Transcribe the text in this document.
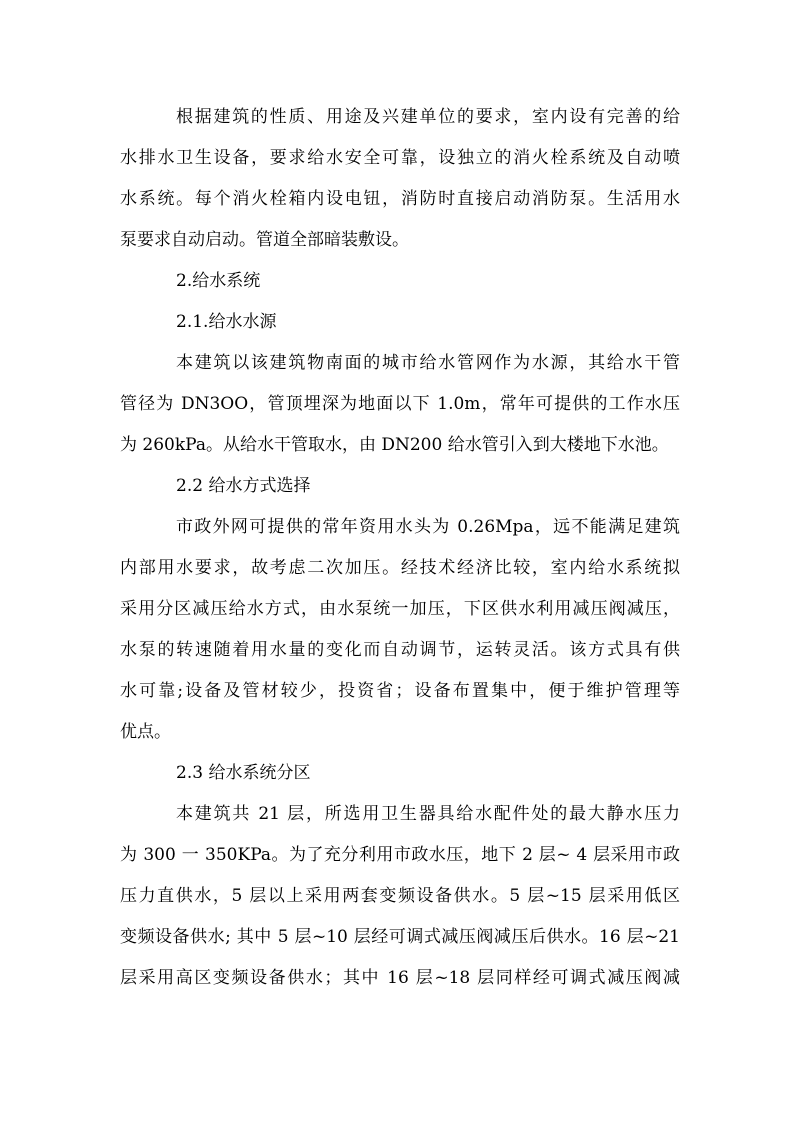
根据建筑的性质、用途及兴建单位的要求，室内设有完善的给
水排水卫生设备，要求给水安全可靠，设独立的消火栓系统及自动喷
水系统。每个消火栓箱内设电钮，消防时直接启动消防泵。生活用水
泵要求自动启动。管道全部暗装敷设。
2.给水系统
2.1.给水水源
本建筑以该建筑物南面的城市给水管网作为水源，其给水干管
管径为 DN3OO，管顶埋深为地面以下 1.0m，常年可提供的工作水压
为 260kPa。从给水干管取水，由 DN200 给水管引入到大楼地下水池。
2.2 给水方式选择
市政外网可提供的常年资用水头为 0.26Mpa，远不能满足建筑
内部用水要求，故考虑二次加压。经技术经济比较，室内给水系统拟
采用分区减压给水方式，由水泵统一加压，下区供水利用减压阀减压，
水泵的转速随着用水量的变化而自动调节，运转灵活。该方式具有供
水可靠;设备及管材较少，投资省；设备布置集中，便于维护管理等
优点。
2.3 给水系统分区
本建筑共 21 层，所选用卫生器具给水配件处的最大静水压力
为 300 一 350KPa。为了充分利用市政水压，地下 2 层~ 4 层采用市政
压力直供水，5 层以上采用两套变频设备供水。5 层~15 层采用低区
变频设备供水; 其中 5 层~10 层经可调式减压阀减压后供水。16 层~21
层采用高区变频设备供水；其中 16 层~18 层同样经可调式减压阀减
